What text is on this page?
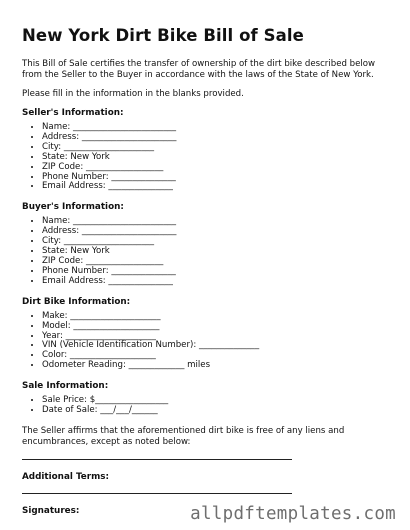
New York Dirt Bike Bill of Sale

This Bill of Sale certifies the transfer of ownership of the dirt bike described below from the Seller to the Buyer in accordance with the laws of the State of New York.

Please fill in the information in the blanks provided.

Seller's Information:
• Name: ________________________
• Address: ______________________
• City: _____________________
• State: New York
• ZIP Code: __________________
• Phone Number: _______________
• Email Address: _______________
Buyer's Information:
• Name: ________________________
• Address: ______________________
• City: _____________________
• State: New York
• ZIP Code: __________________
• Phone Number: _______________
• Email Address: _______________
Dirt Bike Information:
• Make: _____________________
• Model: ____________________
• Year: _____________________
• VIN (Vehicle Identification Number): ______________
• Color: ____________________
• Odometer Reading: _____________ miles
Sale Information:
• Sale Price: $_________________
• Date of Sale: ___/___/______

The Seller affirms that the aforementioned dirt bike is free of any liens and encumbrances, except as noted below:

Additional Terms:
Signatures:	allpdftemplates.com
